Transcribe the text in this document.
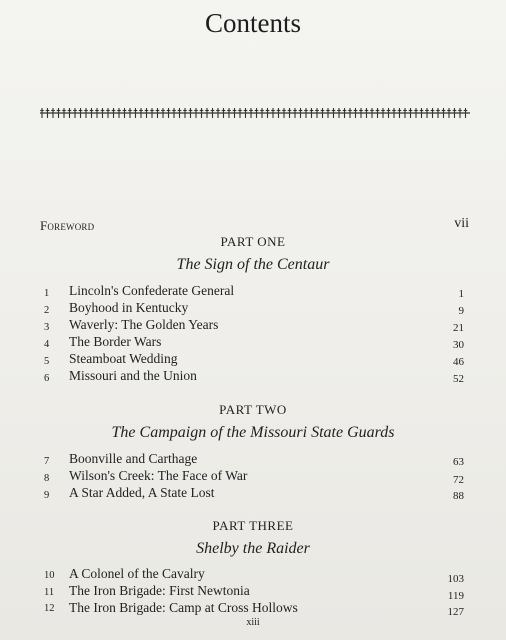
Contents
Foreword	vii
PART ONE
The Sign of the Centaur
1	Lincoln's Confederate General	1
2	Boyhood in Kentucky	9
3	Waverly: The Golden Years	21
4	The Border Wars	30
5	Steamboat Wedding	46
6	Missouri and the Union	52
PART TWO
The Campaign of the Missouri State Guards
7	Boonville and Carthage	63
8	Wilson's Creek: The Face of War	72
9	A Star Added, A State Lost	88
PART THREE
Shelby the Raider
10	A Colonel of the Cavalry	103
11	The Iron Brigade: First Newtonia	119
12	The Iron Brigade: Camp at Cross Hollows	127
xiii
